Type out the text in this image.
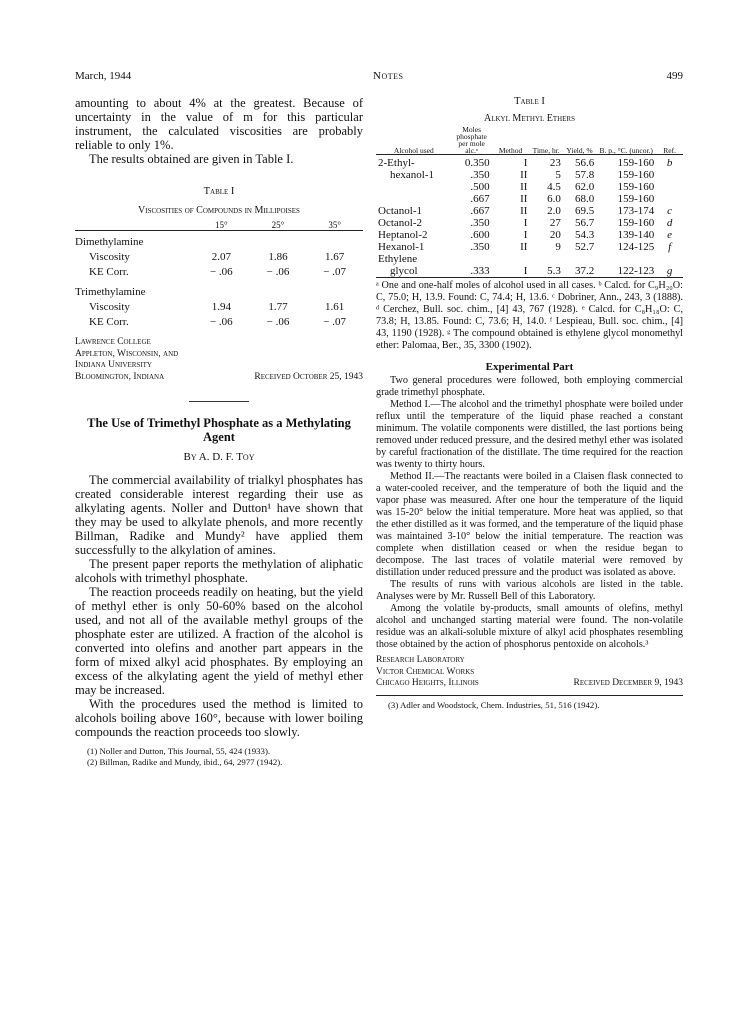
March, 1944	Notes	499

amounting to about 4% at the greatest. Because of uncertainty in the value of m for this particular instrument, the calculated viscosities are probably reliable to only 1%.

The results obtained are given in Table I.

Table I
Viscosities of Compounds in Millipoises
	15°	25°	35°

Dimethylamine			
Viscosity	2.07	1.86	1.67
KE Corr.	− .06	− .06	− .07
Trimethylamine			
Viscosity	1.94	1.77	1.61
KE Corr.	− .06	− .06	− .07
Lawrence College
Appleton, Wisconsin, and
Indiana University
Bloomington, Indiana	Received October 25, 1943
The Use of Trimethyl Phosphate as a Methylating Agent
By A. D. F. Toy

The commercial availability of trialkyl phosphates has created considerable interest regarding their use as alkylating agents. Noller and Dutton¹ have shown that they may be used to alkylate phenols, and more recently Billman, Radike and Mundy² have applied them successfully to the alkylation of amines.

The present paper reports the methylation of aliphatic alcohols with trimethyl phosphate.

The reaction proceeds readily on heating, but the yield of methyl ether is only 50-60% based on the alcohol used, and not all of the available methyl groups of the phosphate ester are utilized. A fraction of the alcohol is converted into olefins and another part appears in the form of mixed alkyl acid phosphates. By employing an excess of the alkylating agent the yield of methyl ether may be increased.

With the procedures used the method is limited to alcohols boiling above 160°, because with lower boiling compounds the reaction proceeds too slowly.

(1) Noller and Dutton, This Journal, 55, 424 (1933).
(2) Billman, Radike and Mundy, ibid., 64, 2977 (1942).
Table I
Alkyl Methyl Ethers
Alcohol used	Moles phosphate per mole alc.ᵃ	Method	Time, hr.	Yield, %	B. p., °C. (uncor.)	Ref.

2-Ethyl-	0.350	I	23	56.6	159-160	b
hexanol-1	.350	II	5	57.8	159-160	
	.500	II	4.5	62.0	159-160	
	.667	II	6.0	68.0	159-160	
Octanol-1	.667	II	2.0	69.5	173-174	c
Octanol-2	.350	I	27	56.7	159-160	d
Heptanol-2	.600	I	20	54.3	139-140	e
Hexanol-1	.350	II	9	52.7	124-125	f
Ethylene						
glycol	.333	I	5.3	37.2	122-123	g

ᵃ One and one-half moles of alcohol used in all cases. ᵇ Calcd. for C₉H₂₀O: C, 75.0; H, 13.9. Found: C, 74.4; H, 13.6. ᶜ Dobriner, Ann., 243, 3 (1888). ᵈ Cerchez, Bull. soc. chim., [4] 43, 767 (1928). ᵉ Calcd. for C₈H₁₈O: C, 73.8; H, 13.85. Found: C, 73.6; H, 14.0. ᶠ Lespieau, Bull. soc. chim., [4] 43, 1190 (1928). ᵍ The compound obtained is ethylene glycol monomethyl ether: Palomaa, Ber., 35, 3300 (1902).

Experimental Part

Two general procedures were followed, both employing commercial grade trimethyl phosphate.

Method I.—The alcohol and the trimethyl phosphate were boiled under reflux until the temperature of the liquid phase reached a constant minimum. The volatile components were distilled, the last portions being removed under reduced pressure, and the desired methyl ether was isolated by careful fractionation of the distillate. The time required for the reaction was twenty to thirty hours.

Method II.—The reactants were boiled in a Claisen flask connected to a water-cooled receiver, and the temperature of both the liquid and the vapor phase was measured. After one hour the temperature of the liquid was 15-20° below the initial temperature. More heat was applied, so that the ether distilled as it was formed, and the temperature of the liquid phase was maintained 3-10° below the initial temperature. The reaction was complete when distillation ceased or when the residue began to decompose. The last traces of volatile material were removed by distillation under reduced pressure and the product was isolated as above.

The results of runs with various alcohols are listed in the table. Analyses were by Mr. Russell Bell of this Laboratory.

Among the volatile by-products, small amounts of olefins, methyl alcohol and unchanged starting material were found. The non-volatile residue was an alkali-soluble mixture of alkyl acid phosphates resembling those obtained by the action of phosphorus pentoxide on alcohols.³

Research Laboratory
Victor Chemical Works
Chicago Heights, Illinois	Received December 9, 1943
(3) Adler and Woodstock, Chem. Industries, 51, 516 (1942).
